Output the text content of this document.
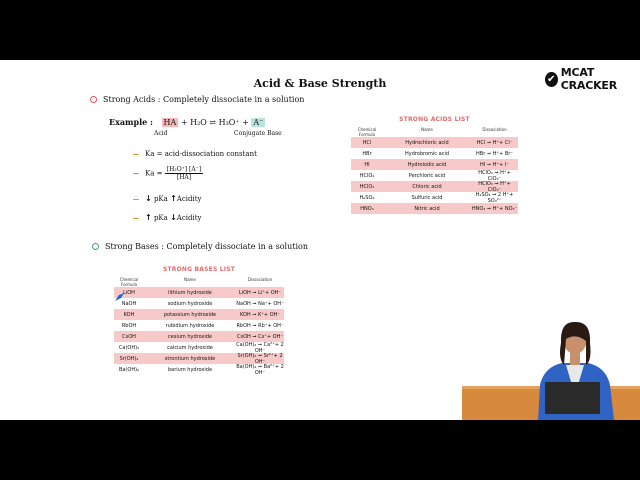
Acid & Base Strength	✔ MCAT CRACKER
Strong Acids : Completely dissociate in a solution
Example : HA + H₂O ⇌ H₃O⁺ + A⁻
Acid	Conjugate Base
Ka = acid-dissociation constant
$Ka = \frac{\text{[H₃O⁺] [A⁻]}}{[HA]}$
↓ pKa ↑Acidity
↑ pKa ↓Acidity
STRONG ACIDS LIST
Chemical Formula
Name	Dissociation
HCl	Hydrochloric acid	HCl ➞ H⁺+ Cl⁻
HBr	Hydrobromic acid	HBr ➞ H⁺+ Br⁻
HI	Hydroiodic acid	HI ➞ H⁺+ I⁻
HClO₄	Perchloric acid	HClO₄ ➞ H⁺+ ClO₄⁻
HClO₃	Chloric acid	HClO₃ ➞ H⁺+ ClO₃⁻
H₂SO₄	Sulfuric acid	H₂SO₄ ➞ 2 H⁺+ SO₄²⁻
HNO₃	Nitric acid	HNO₃ ➞ H⁺+ NO₃⁻
Strong Bases : Completely dissociate in a solution
STRONG BASES LIST
Chemical Formula
Name	Dissociation
LiOH	lithium hydroxide	LiOH ➞ Li⁺+ OH⁻
NaOH	sodium hydroxide	NaOH ➞ Na⁺+ OH⁻
KOH	potassium hydroxide	KOH ➞ K⁺+ OH⁻
RbOH	rubidium hydroxide	RbOH ➞ Rb⁺+ OH⁻
CsOH	cesium hydroxide	CsOH ➞ Cs⁺+ OH⁻
Ca(OH)₂	calcium hydroxide	Ca(OH)₂ ➞ Ca²⁺+ 2 OH⁻
Sr(OH)₂	strontium hydroxide	Sr(OH)₂ ➞ Sr²⁺+ 2 OH⁻
Ba(OH)₂	barium hydroxide	Ba(OH)₂ ➞ Ba²⁺+ 2 OH⁻
